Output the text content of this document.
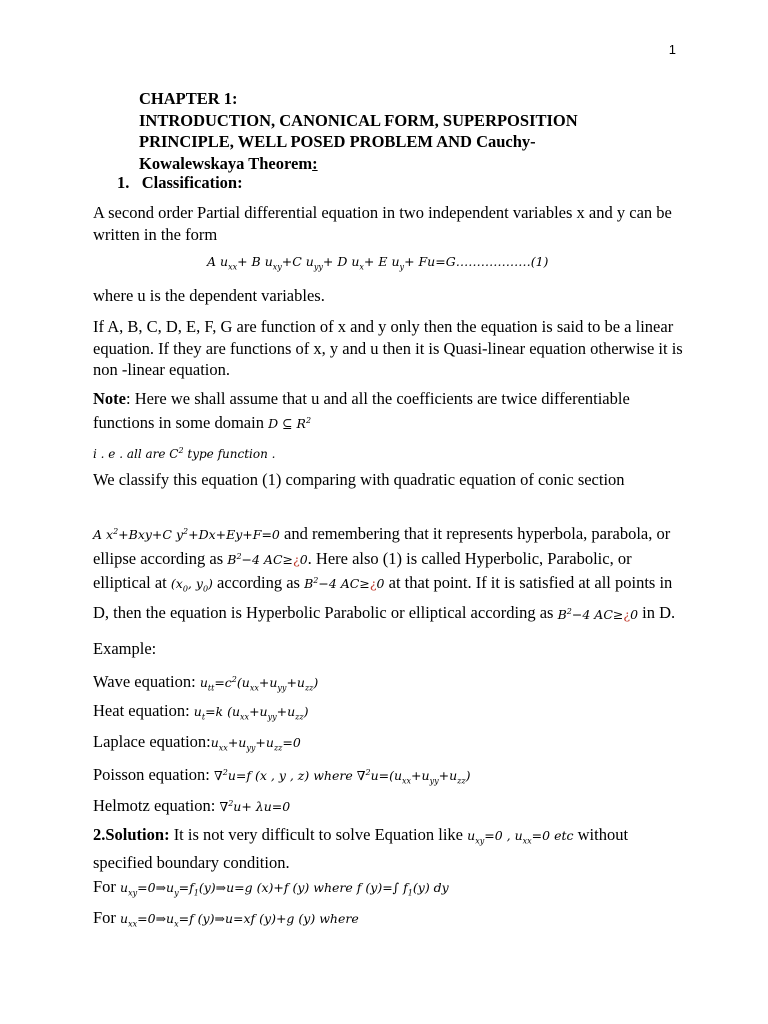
1
CHAPTER 1:
INTRODUCTION, CANONICAL FORM, SUPERPOSITION
PRINCIPLE, WELL POSED PROBLEM AND Cauchy-
Kowalewskaya Theorem:
1. Classification:
A second order Partial differential equation in two independent variables x and y can be written in the form
A $u_{xx}+ B$ $u_{xy}+C$ $u_{yy}+ D$ $u_x+ E$ $u_y+$ Fu=G………………(1)
where u is the dependent variables.
If A, B, C, D, E, F, G are function of x and y only then the equation is said to be a linear equation. If they are functions of x, y and u then it is Quasi-linear equation otherwise it is non -linear equation.
Note: Here we shall assume that u and all the coefficients are twice differentiable functions in some domain D ⊆ $R^2$
i . e . all are $C^2$ type function .
We classify this equation (1) comparing with quadratic equation of conic section
A $x^2+Bxy+C$ $y^2+Dx+Ey+F=0$ and remembering that it represents hyperbola, parabola, or ellipse according as $B^2-4$ AC≥¿0. Here also (1) is called Hyperbolic, Parabolic, or elliptical at ($x_0$, $y_0$) according as $B^2-4$ AC≥¿0 at that point. If it is satisfied at all points in D, then the equation is Hyperbolic Parabolic or elliptical according as $B^2-4$ AC≥¿0 in D.
Example:
Wave equation: $u_{tt}=c^2(u_{xx}+u_{yy}+u_{zz})$
Heat equation: $u_t=k$ $(u_{xx}+u_{yy}+u_{zz})$
Laplace $equation:u_{xx}+u_{yy}+u_{zz}=0$
Poisson equation: ∇$^2$u=f (x , y , z) where $\nabla^2u=(u_{xx}+u_{yy}+u_{zz})$
Helmotz equation: ∇$^2$u+ λu=0
2.Solution: It is not very difficult to solve Equation like $u_{xy}=0$ , $u_{xx}=0$ etc without specified boundary condition.
For $u_{xy}=0\Rightarrow u_y=f_1(y)\Rightarrow u=g$ (x)+f (y) where f (y)=∫ $f_1(y)$ dy
For $u_{xx}=0\Rightarrow u_x=f$ (y)⇒u=xf (y)+g (y) where
